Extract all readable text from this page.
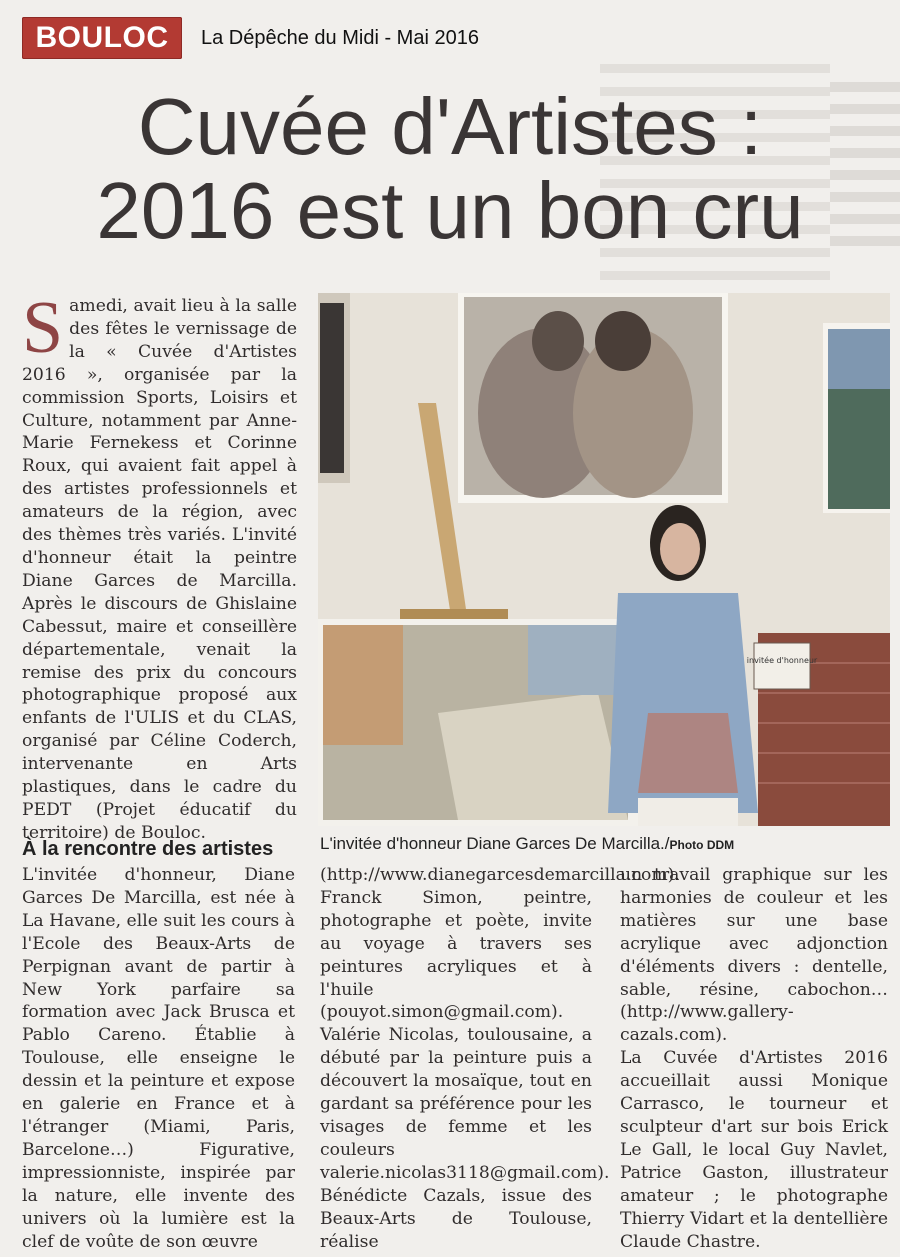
BOULOC	La Dépêche du Midi - Mai 2016
Cuvée d'Artistes :
2016 est un bon cru

Samedi, avait lieu à la salle des fêtes le vernissage de la « Cuvée d'Artistes 2016 », organisée par la commission Sports, Loisirs et Culture, notamment par Anne-Marie Fernekess et Corinne Roux, qui avaient fait appel à des artistes professionnels et amateurs de la région, avec des thèmes très variés. L'invité d'honneur était la peintre Diane Garces de Marcilla. Après le discours de Ghislaine Cabessut, maire et conseillère départementale, venait la remise des prix du concours photographique proposé aux enfants de l'ULIS et du CLAS, organisé par Céline Coderch, intervenante en Arts plastiques, dans le cadre du PEDT (Projet éducatif du territoire) de Bouloc.

invitée d'honneur
L'invitée d'honneur Diane Garces De Marcilla./Photo DDM
À la rencontre des artistes
L'invitée d'honneur, Diane Garces De Marcilla, est née à La Havane, elle suit les cours à l'Ecole des Beaux-Arts de Perpignan avant de partir à New York parfaire sa formation avec Jack Brusca et Pablo Careno. Établie à Toulouse, elle enseigne le dessin et la peinture et expose en galerie en France et à l'étranger (Miami, Paris, Barcelone…) Figurative, impressionniste, inspirée par la nature, elle invente des univers où la lumière est la clef de voûte de son œuvre
(http://www.dianegarcesdemarcilla.com).
Franck Simon, peintre, photographe et poète, invite au voyage à travers ses peintures acryliques et à l'huile (pouyot.simon@gmail.com).
Valérie Nicolas, toulousaine, a débuté par la peinture puis a découvert la mosaïque, tout en gardant sa préférence pour les visages de femme et les couleurs valerie.nicolas3118@gmail.com).
Bénédicte Cazals, issue des Beaux-Arts de Toulouse, réalise
un travail graphique sur les harmonies de couleur et les matières sur une base acrylique avec adjonction d'éléments divers : dentelle, sable, résine, cabochon… (http://www.gallery-cazals.com).
La Cuvée d'Artistes 2016 accueillait aussi Monique Carrasco, le tourneur et sculpteur d'art sur bois Erick Le Gall, le local Guy Navlet, Patrice Gaston, illustrateur amateur ; le photographe Thierry Vidart et la dentellière Claude Chastre.
